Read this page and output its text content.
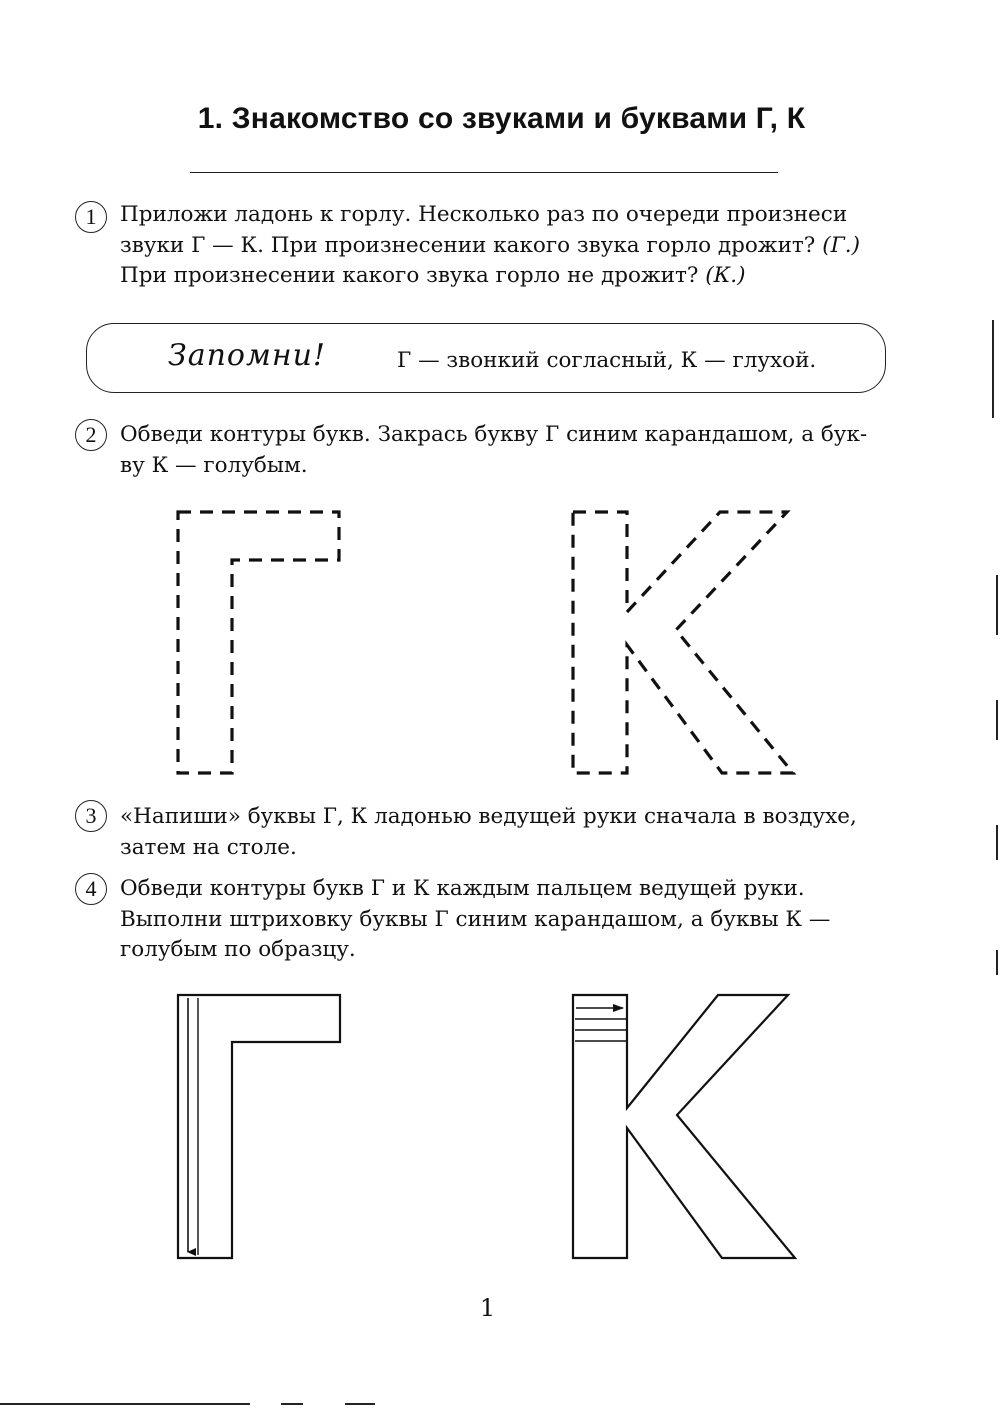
1. Знакомство со звуками и буквами Г, К
1	Приложи ладонь к горлу. Несколько раз по очереди произнеси
звуки Г — К. При произнесении какого звука горло дрожит? (Г.)
При произнесении какого звука горло не дрожит? (К.)
Запомни!	Г — звонкий согласный, К — глухой.
2	Обведи контуры букв. Закрась букву Г синим карандашом, а бук-
ву К — голубым.
3	«Напиши» буквы Г, К ладонью ведущей руки сначала в воздухе,
затем на столе.
4	Обведи контуры букв Г и К каждым пальцем ведущей руки.
Выполни штриховку буквы Г синим карандашом, а буквы К —
голубым по образцу.
1
